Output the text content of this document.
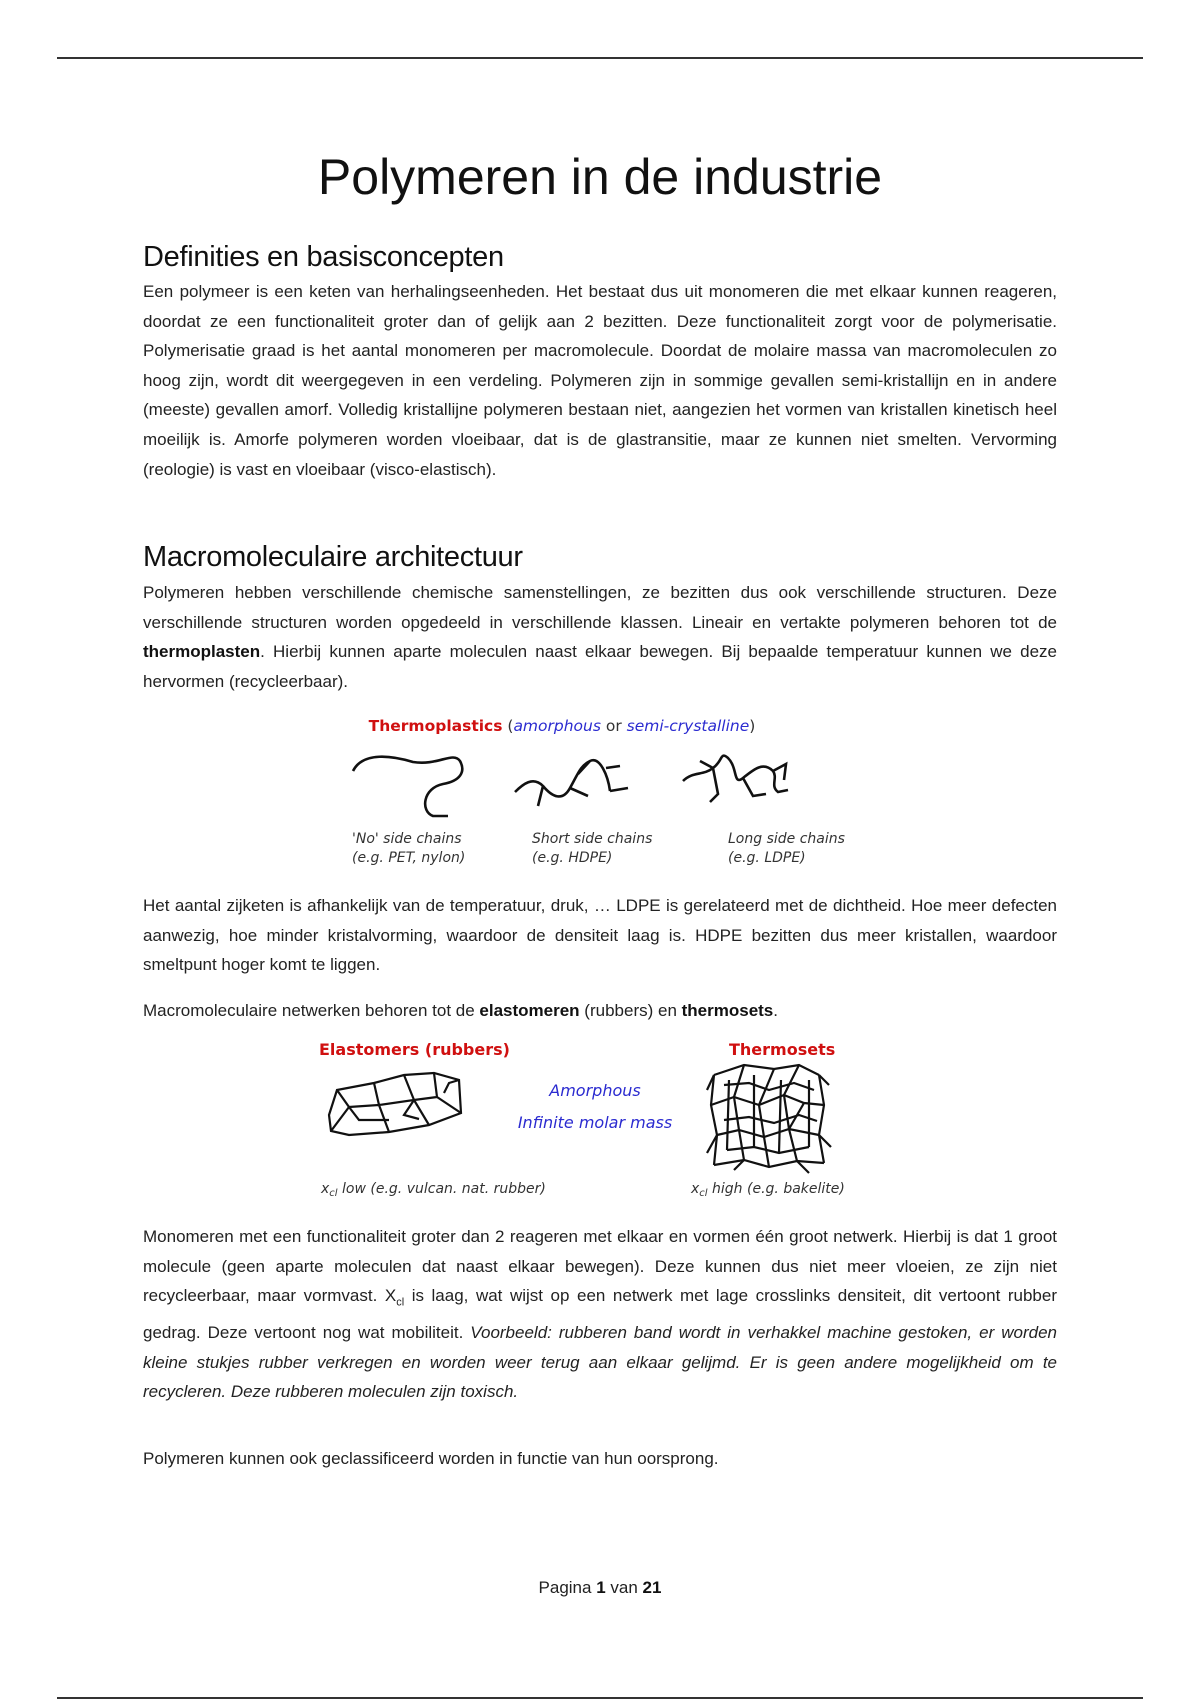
Polymeren in de industrie
Definities en basisconcepten

Een polymeer is een keten van herhalingseenheden. Het bestaat dus uit monomeren die met elkaar kunnen reageren, doordat ze een functionaliteit groter dan of gelijk aan 2 bezitten. Deze functionaliteit zorgt voor de polymerisatie. Polymerisatie graad is het aantal monomeren per macromolecule. Doordat de molaire massa van macromoleculen zo hoog zijn, wordt dit weergegeven in een verdeling. Polymeren zijn in sommige gevallen semi-kristallijn en in andere (meeste) gevallen amorf. Volledig kristallijne polymeren bestaan niet, aangezien het vormen van kristallen kinetisch heel moeilijk is. Amorfe polymeren worden vloeibaar, dat is de glastransitie, maar ze kunnen niet smelten. Vervorming (reologie) is vast en vloeibaar (visco-elastisch).

Macromoleculaire architectuur

Polymeren hebben verschillende chemische samenstellingen, ze bezitten dus ook verschillende structuren. Deze verschillende structuren worden opgedeeld in verschillende klassen. Lineair en vertakte polymeren behoren tot de thermoplasten. Hierbij kunnen aparte moleculen naast elkaar bewegen. Bij bepaalde temperatuur kunnen we deze hervormen (recycleerbaar).

Thermoplastics (amorphous or semi-crystalline)
'No' side chains
(e.g. PET, nylon)
Short side chains
(e.g. HDPE)
Long side chains
(e.g. LDPE)

Het aantal zijketen is afhankelijk van de temperatuur, druk, … LDPE is gerelateerd met de dichtheid. Hoe meer defecten aanwezig, hoe minder kristalvorming, waardoor de densiteit laag is. HDPE bezitten dus meer kristallen, waardoor smeltpunt hoger komt te liggen.

Macromoleculaire netwerken behoren tot de elastomeren (rubbers) en thermosets.

Elastomers (rubbers)	Thermosets
Amorphous
Infinite molar mass
$x_{cl}$ low (e.g. vulcan. nat. rubber)	$x_{cl}$ high (e.g. bakelite)

Monomeren met een functionaliteit groter dan 2 reageren met elkaar en vormen één groot netwerk. Hierbij is dat 1 groot molecule (geen aparte moleculen dat naast elkaar bewegen). Deze kunnen dus niet meer vloeien, ze zijn niet recycleerbaar, maar vormvast. $X_{cl}$ is laag, wat wijst op een netwerk met lage crosslinks densiteit, dit vertoont rubber gedrag. Deze vertoont nog wat mobiliteit. Voorbeeld: rubberen band wordt in verhakkel machine gestoken, er worden kleine stukjes rubber verkregen en worden weer terug aan elkaar gelijmd. Er is geen andere mogelijkheid om te recycleren. Deze rubberen moleculen zijn toxisch.

Polymeren kunnen ook geclassificeerd worden in functie van hun oorsprong.

Pagina 1 van 21
